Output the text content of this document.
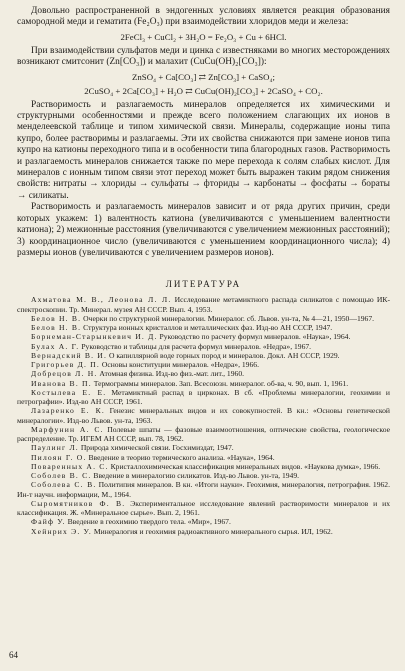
Довольно распространенной в эндогенных условиях является реакция образования самородной меди и гематита (Fe₂O₃) при взаимодействии хлоридов меди и железа:

2FeCl₃ + CuCl₂ + 3H₂O = Fe₂O₃ + Cu + 6HCl.

При взаимодействии сульфатов меди и цинка с известняками во многих месторождениях возникают смитсонит (Zn[CO₃]) и малахит (CuCu(OH)₂[CO₃]):

ZnSO₄ + Ca[CO₃] ⇄ Zn[CO₃] + CaSO₄;

2CuSO₄ + 2Ca[CO₃] + H₂O ⇄ CuCu(OH)₂[CO₃] + 2CaSO₄ + CO₂.

Растворимость и разлагаемость минералов определяется их химическими и структурными особенностями и прежде всего положением слагающих их ионов в менделеевской таблице и типом химической связи. Минералы, содержащие ионы типа купро, более растворимы и разлагаемы. Эти их свойства снижаются при замене ионов типа купро на катионы переходного типа и в особенности типа благородных газов. Растворимость и разлагаемость минералов снижается также по мере перехода к солям слабых кислот. Для минералов с ионным типом связи этот переход может быть выражен таким рядом снижения свойств: нитраты → хлориды → сульфаты → фториды → карбонаты → фосфаты → бораты → силикаты.

Растворимость и разлагаемость минералов зависит и от ряда других причин, среди которых укажем: 1) валентность катиона (увеличиваются с уменьшением валентности катиона); 2) межионные расстояния (увеличиваются с увеличением межионных расстояний); 3) координационное число (увеличиваются с уменьшением координационного числа); 4) размеры ионов (увеличиваются с увеличением размеров ионов).

ЛИТЕРАТУРА

Ахматова М. В., Леонова Л. Л. Исследование метамиктного распада силикатов с помощью ИК-спектроскопии. Тр. Минерал. музея АН СССР. Вып. 4, 1953.

Белов Н. В. Очерки по структурной минералогии. Минералог. сб. Львов. ун-та, № 4—21, 1950—1967.

Белов Н. В. Структура ионных кристаллов и металлических фаз. Изд-во АН СССР, 1947.

Борнеман-Старынкевич И. Д. Руководство по расчету формул минералов. «Наука», 1964.

Булах А. Г. Руководство и таблицы для расчета формул минералов. «Недра», 1967.

Вернадский В. И. О капиллярной воде горных пород и минералов. Докл. АН СССР, 1929.

Григорьев Д. П. Основы конституции минералов. «Недра», 1966.

Добрецов Л. Н. Атомная физика. Изд-во физ.-мат. лит., 1960.

Иванова В. П. Термограммы минералов. Зап. Всесоюзн. минералог. об-ва, ч. 90, вып. 1, 1961.

Костылева Е. Е. Метамиктный распад в цирконах. В сб. «Проблемы минералогии, геохимии и петрографии». Изд-во АН СССР, 1961.

Лазаренко Е. К. Генезис минеральных видов и их совокупностей. В кн.: «Основы генетической минералогии». Изд-во Львов. ун-та, 1963.

Марфунин А. С. Полевые шпаты — фазовые взаимоотношения, оптические свойства, геологическое распределение. Тр. ИГЕМ АН СССР, вып. 78, 1962.

Паулинг Л. Природа химической связи. Госхимиздат, 1947.

Пилоян Г. О. Введение в теорию термического анализа. «Наука», 1964.

Поваренных А. С. Кристаллохимическая классификация минеральных видов. «Наукова думка», 1966.

Соболев В. С. Введение в минералогию силикатов. Изд-во Львов. ун-та, 1949.

Соболева С. В. Политипия минералов. В кн. «Итоги науки». Геохимия, минералогия, петрография. 1962. Ин-т научн. информации, М., 1964.

Сыромятников Ф. В. Экспериментальное исследование явлений растворимости минералов и их классификация. Ж. «Минеральное сырье». Вып. 2, 1961.

Файф У. Введение в геохимию твердого тела. «Мир», 1967.

Хейнрих Э. У. Минералогия и геохимия радиоактивного минерального сырья. ИЛ, 1962.

64
